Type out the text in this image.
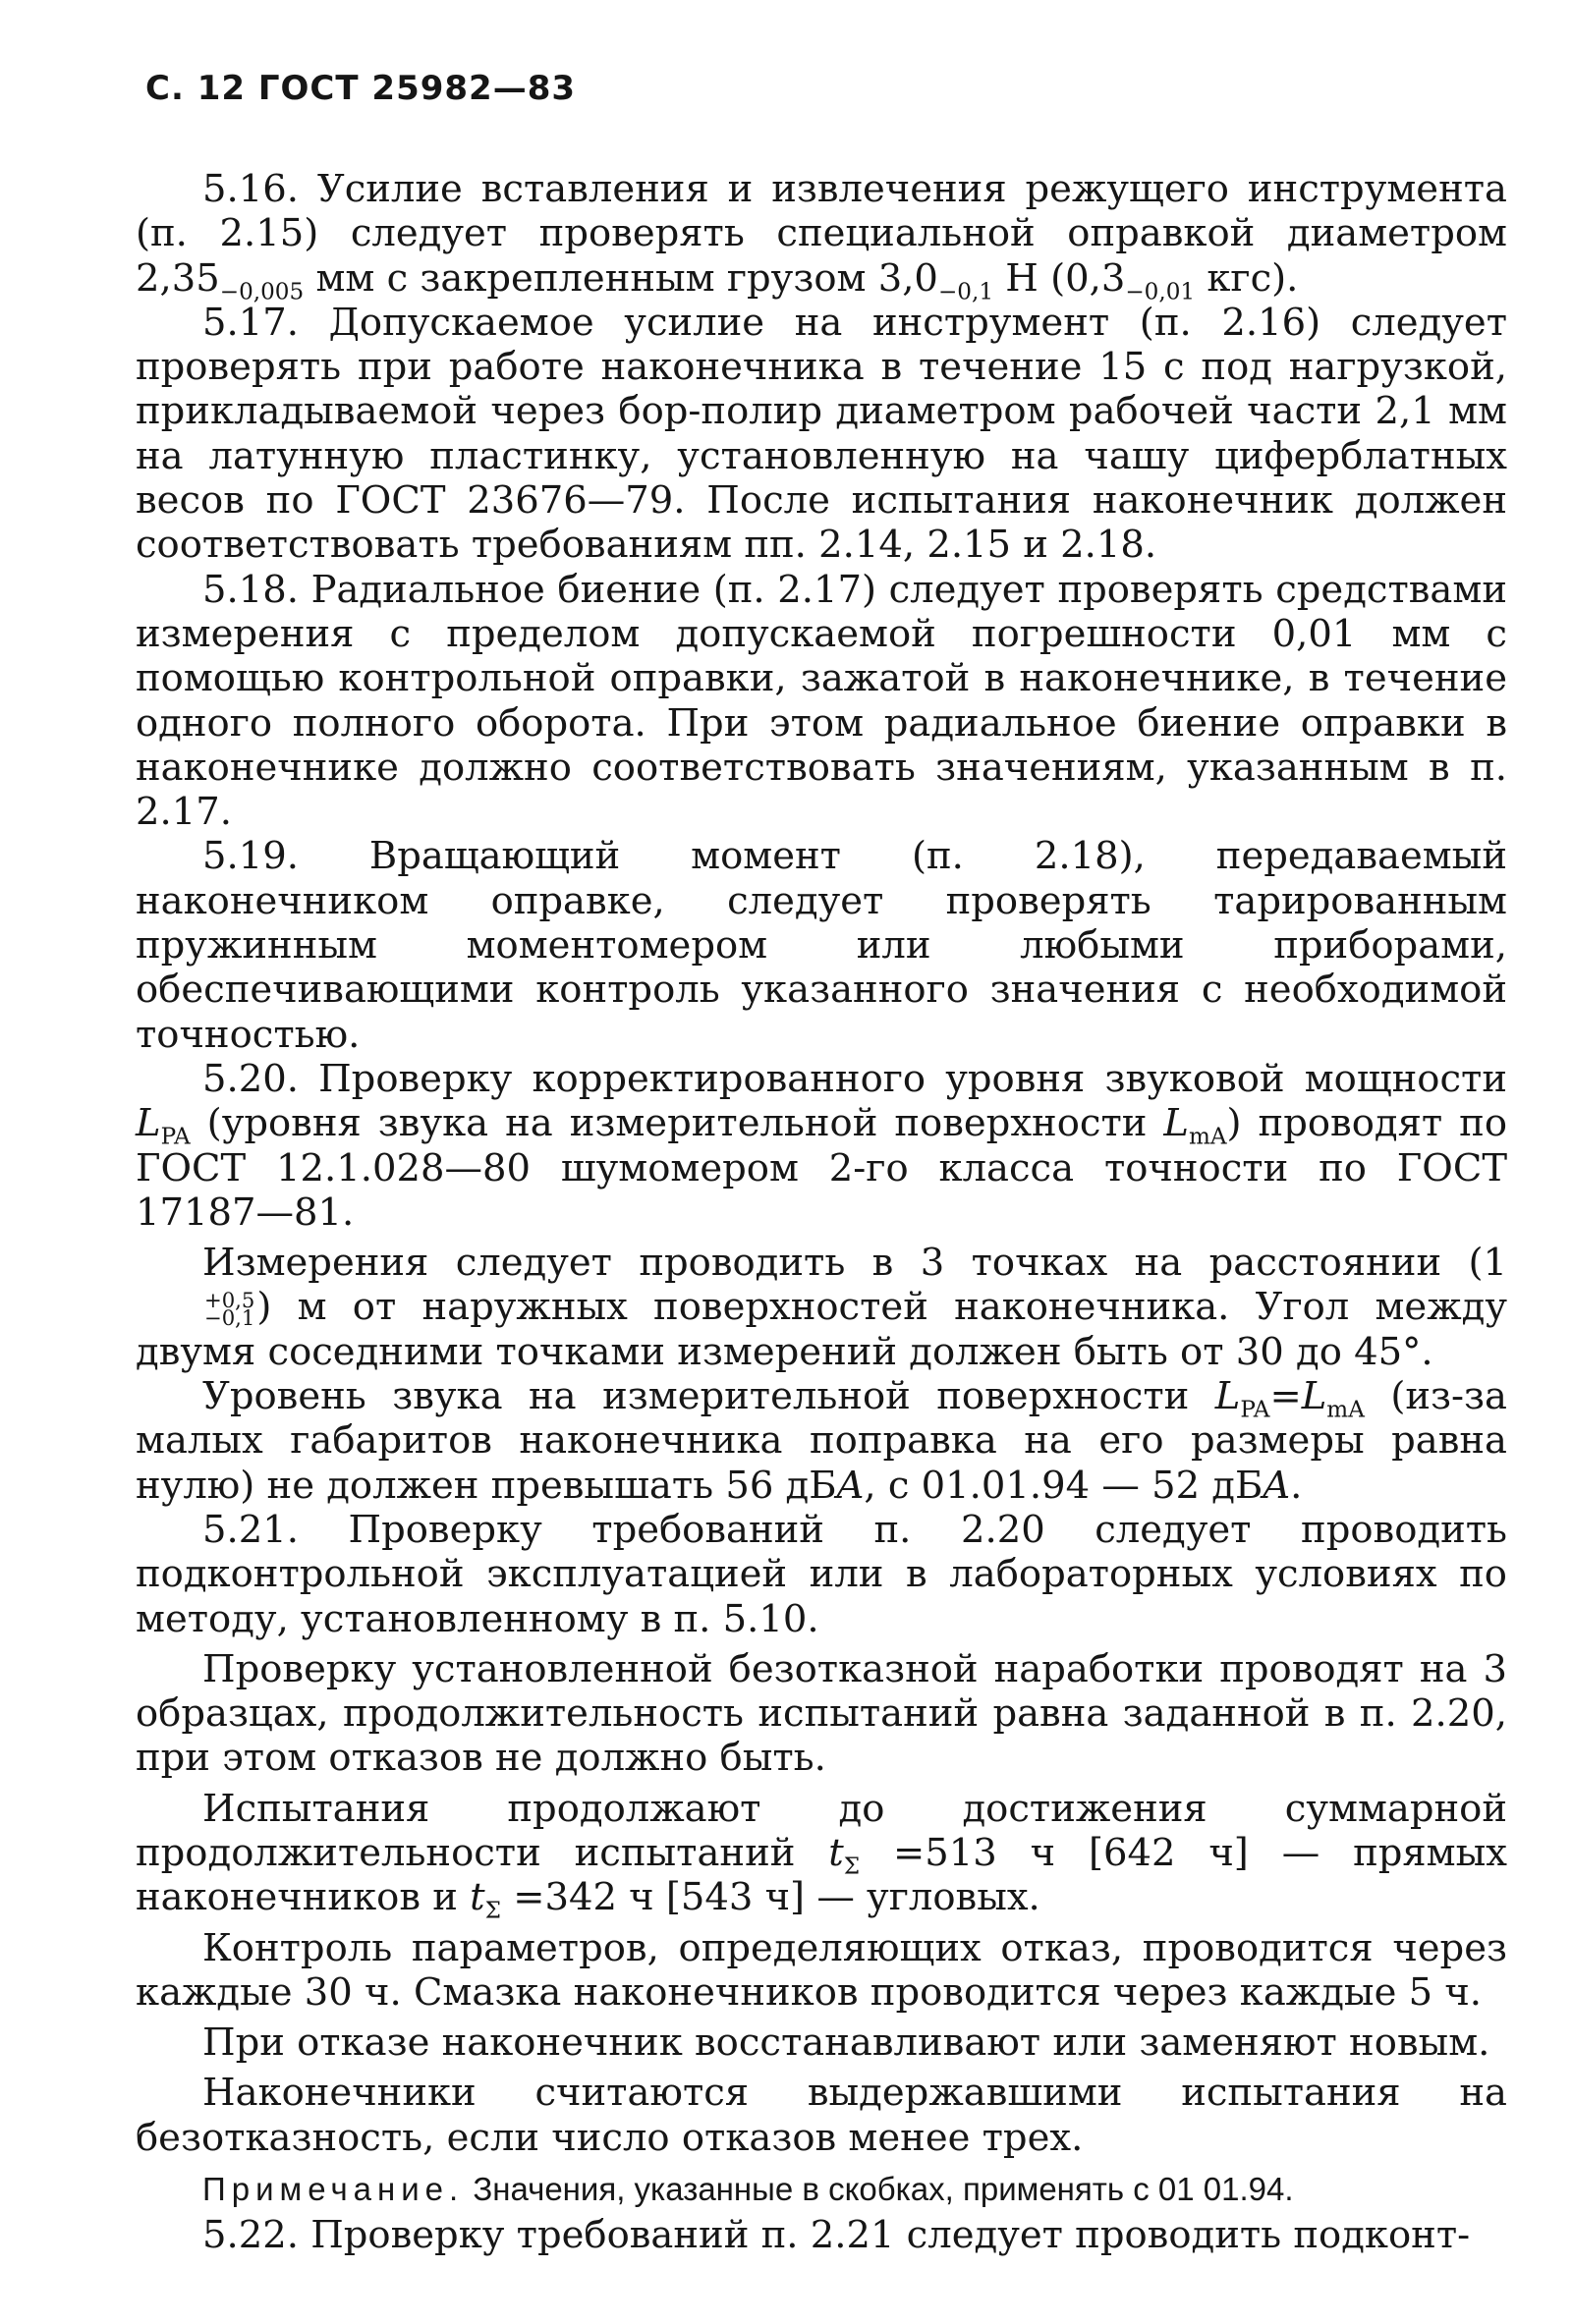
С. 12 ГОСТ 25982—83

5.16. Усилие вставления и извлечения режущего инструмента (п. 2.15) следует проверять специальной оправкой диаметром $2,35_{-0,005}$ мм с закрепленным грузом $3,0_{-0,1}$ Н ($0,3_{-0,01}$ кгс).

5.17. Допускаемое усилие на инструмент (п. 2.16) следует проверять при работе наконечника в течение 15 с под нагрузкой, прикладываемой через бор-полир диаметром рабочей части 2,1 мм на латунную пластинку, установленную на чашу циферблатных весов по ГОСТ 23676—79. После испытания наконечник должен соответствовать требованиям пп. 2.14, 2.15 и 2.18.

5.18. Радиальное биение (п. 2.17) следует проверять средствами измерения с пределом допускаемой погрешности 0,01 мм с помощью контрольной оправки, зажатой в наконечнике, в течение одного полного оборота. При этом радиальное биение оправки в наконечнике должно соответствовать значениям, указанным в п. 2.17.

5.19. Вращающий момент (п. 2.18), передаваемый наконечником оправке, следует проверять тарированным пружинным моментомером или любыми приборами, обеспечивающими контроль указанного значения с необходимой точностью.

5.20. Проверку корректированного уровня звуковой мощности $L_{PA}$ (уровня звука на измерительной поверхности $L_{mA}$) проводят по ГОСТ 12.1.028—80 шумомером 2-го класса точности по ГОСТ 17187—81.

Измерения следует проводить в 3 точках на расстоянии (1
+0,5
−0,1 ) м от наружных поверхностей наконечника. Угол между двумя соседними точками измерений должен быть от 30 до 45°.

Уровень звука на измерительной поверхности $L_{PA}=L_{mA}$ (из-за малых габаритов наконечника поправка на его размеры равна нулю) не должен превышать 56 дБA, с 01.01.94 — 52 дБA.

5.21. Проверку требований п. 2.20 следует проводить подконтрольной эксплуатацией или в лабораторных условиях по методу, установленному в п. 5.10.

Проверку установленной безотказной наработки проводят на 3 образцах, продолжительность испытаний равна заданной в п. 2.20, при этом отказов не должно быть.

Испытания продолжают до достижения суммарной продолжительности испытаний $t_\Sigma =513$ ч [642 ч] — прямых наконечников и $t_\Sigma =342$ ч [543 ч] — угловых.

Контроль параметров, определяющих отказ, проводится через каждые 30 ч. Смазка наконечников проводится через каждые 5 ч.

При отказе наконечник восстанавливают или заменяют новым.

Наконечники считаются выдержавшими испытания на безотказность, если число отказов менее трех.

Примечание. Значения, указанные в скобках, применять с 01 01.94.

5.22. Проверку требований п. 2.21 следует проводить подконт-
